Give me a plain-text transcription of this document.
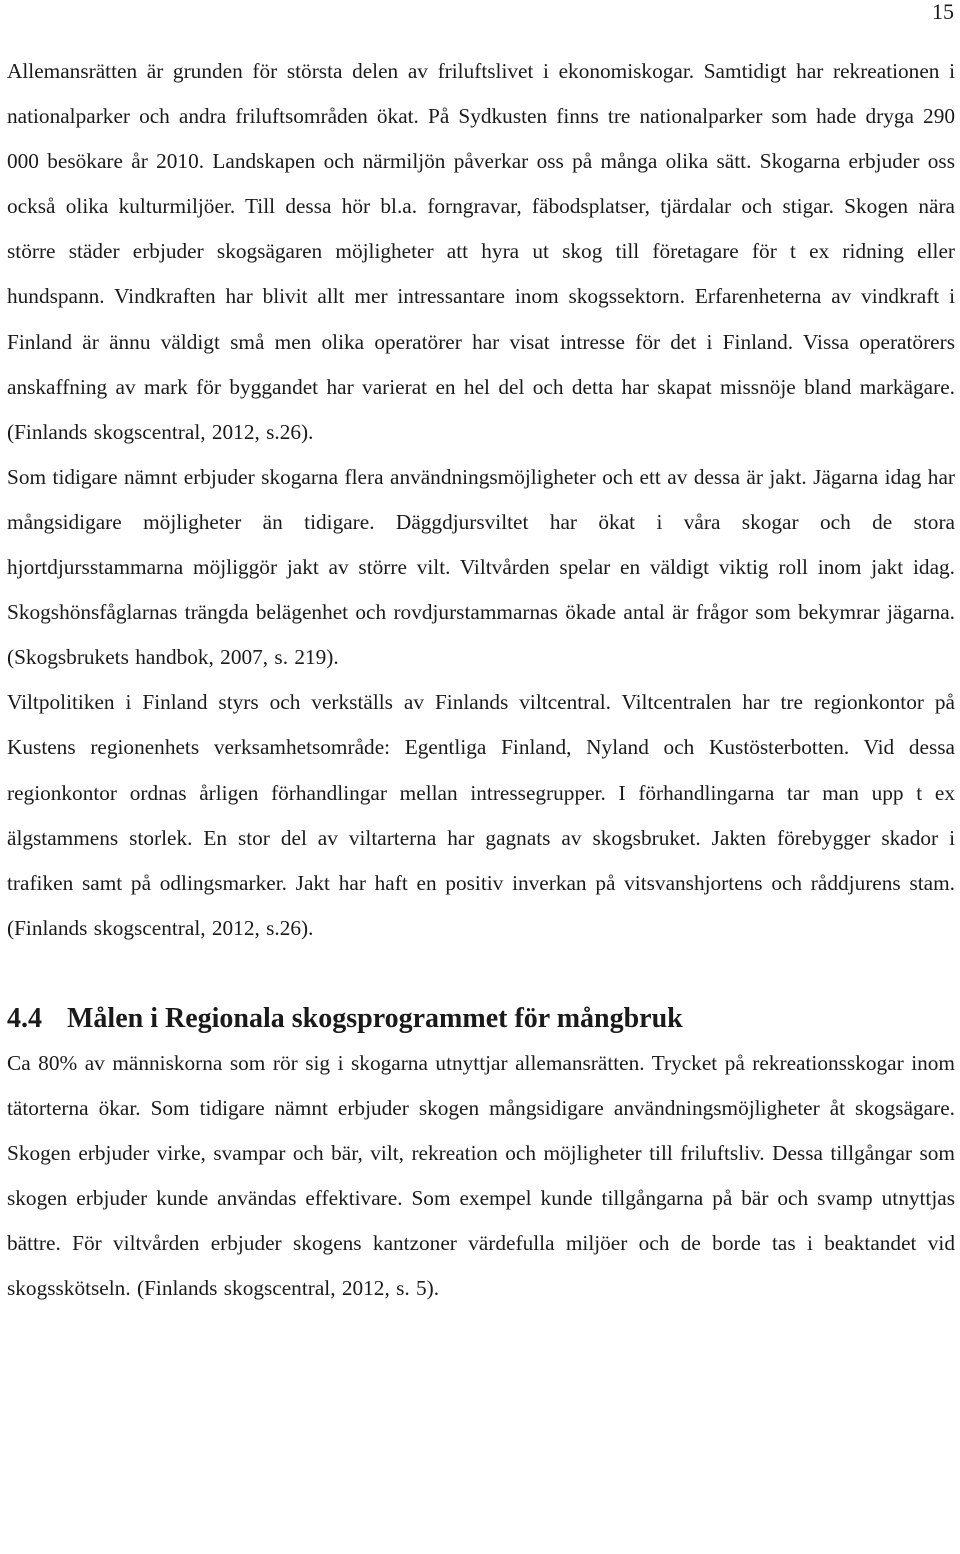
15

Allemansrätten är grunden för största delen av friluftslivet i ekonomiskogar. Samtidigt har rekreationen i nationalparker och andra friluftsområden ökat. På Sydkusten finns tre nationalparker som hade dryga 290 000 besökare år 2010. Landskapen och närmiljön påverkar oss på många olika sätt. Skogarna erbjuder oss också olika kulturmiljöer. Till dessa hör bl.a. forngravar, fäbodsplatser, tjärdalar och stigar. Skogen nära större städer erbjuder skogsägaren möjligheter att hyra ut skog till företagare för t ex ridning eller hundspann. Vindkraften har blivit allt mer intressantare inom skogssektorn. Erfarenheterna av vindkraft i Finland är ännu väldigt små men olika operatörer har visat intresse för det i Finland. Vissa operatörers anskaffning av mark för byggandet har varierat en hel del och detta har skapat missnöje bland markägare. (Finlands skogscentral, 2012, s.26).

Som tidigare nämnt erbjuder skogarna flera användningsmöjligheter och ett av dessa är jakt. Jägarna idag har mångsidigare möjligheter än tidigare. Däggdjursviltet har ökat i våra skogar och de stora hjortdjursstammarna möjliggör jakt av större vilt. Viltvården spelar en väldigt viktig roll inom jakt idag. Skogshönsfåglarnas trängda belägenhet och rovdjurstammarnas ökade antal är frågor som bekymrar jägarna. (Skogsbrukets handbok, 2007, s. 219).

Viltpolitiken i Finland styrs och verkställs av Finlands viltcentral. Viltcentralen har tre regionkontor på Kustens regionenhets verksamhetsområde: Egentliga Finland, Nyland och Kustösterbotten. Vid dessa regionkontor ordnas årligen förhandlingar mellan intressegrupper. I förhandlingarna tar man upp t ex älgstammens storlek. En stor del av viltarterna har gagnats av skogsbruket. Jakten förebygger skador i trafiken samt på odlingsmarker. Jakt har haft en positiv inverkan på vitsvanshjortens och råddjurens stam. (Finlands skogscentral, 2012, s.26).

4.4 Målen i Regionala skogsprogrammet för mångbruk

Ca 80% av människorna som rör sig i skogarna utnyttjar allemansrätten. Trycket på rekreationsskogar inom tätorterna ökar. Som tidigare nämnt erbjuder skogen mångsidigare användningsmöjligheter åt skogsägare. Skogen erbjuder virke, svampar och bär, vilt, rekreation och möjligheter till friluftsliv. Dessa tillgångar som skogen erbjuder kunde användas effektivare. Som exempel kunde tillgångarna på bär och svamp utnyttjas bättre. För viltvården erbjuder skogens kantzoner värdefulla miljöer och de borde tas i beaktandet vid skogsskötseln. (Finlands skogscentral, 2012, s. 5).
